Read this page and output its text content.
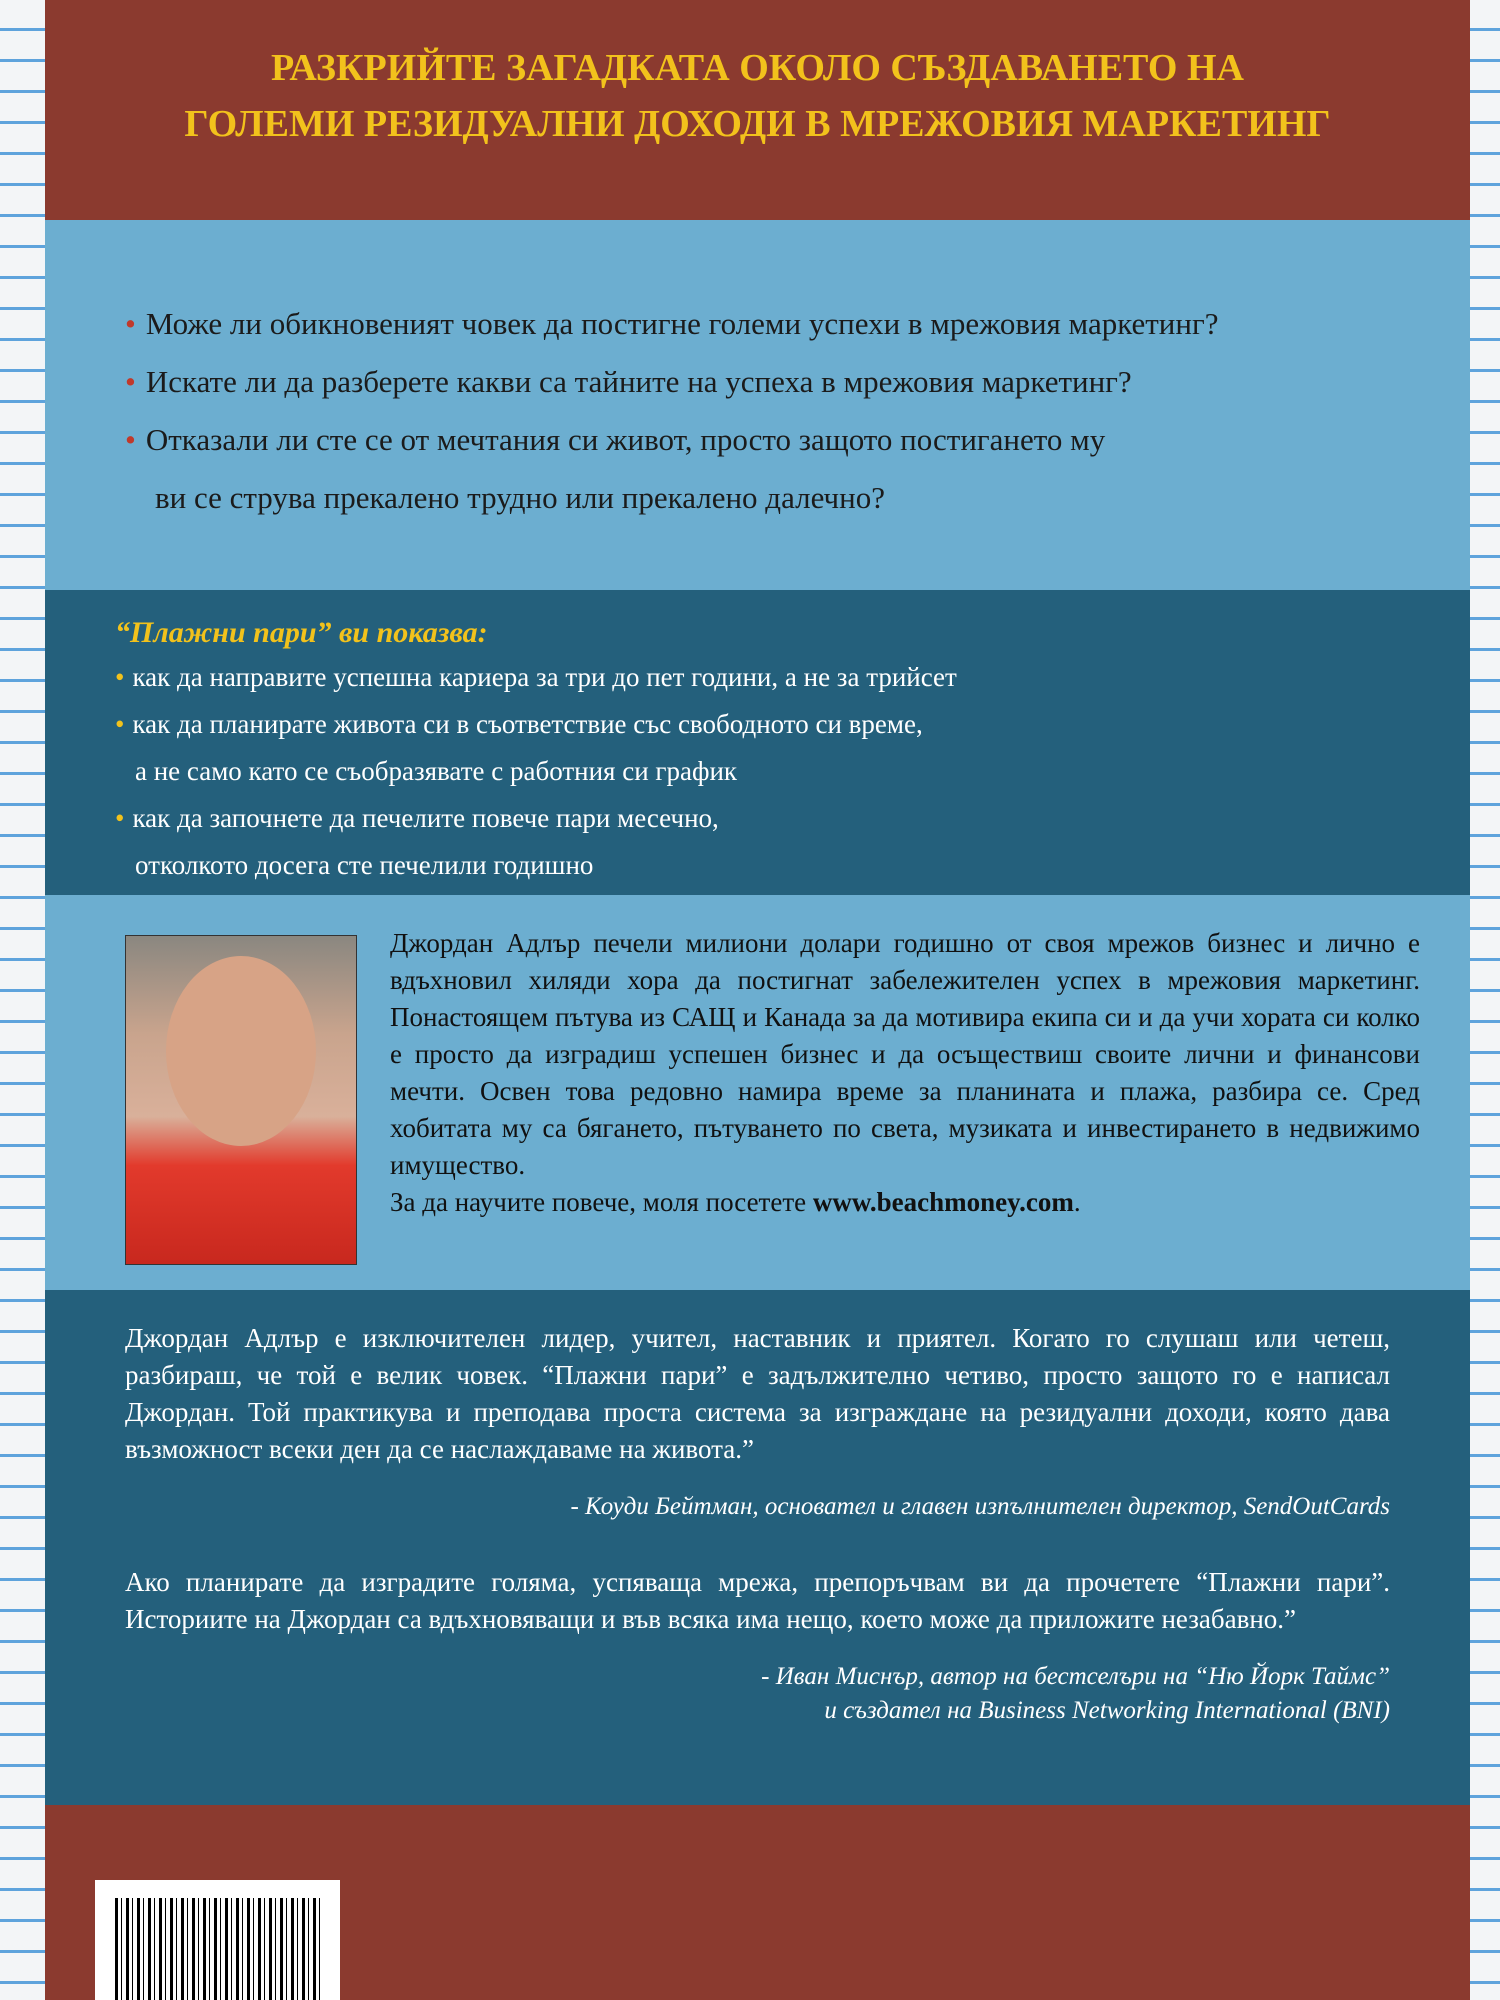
РАЗКРИЙТЕ ЗАГАДКАТА ОКОЛО СЪЗДАВАНЕТО НА
ГОЛЕМИ РЕЗИДУАЛНИ ДОХОДИ В МРЕЖОВИЯ МАРКЕТИНГ

• Може ли обикновеният човек да постигне големи успехи в мрежовия маркетинг?

• Искате ли да разберете какви са тайните на успеха в мрежовия маркетинг?

• Отказали ли сте се от мечтания си живот, просто защото постигането му

ви се струва прекалено трудно или прекалено далечно?

“Плажни пари” ви показва:

• как да направите успешна кариера за три до пет години, а не за трийсет

• как да планирате живота си в съответствие със свободното си време,

а не само като се съобразявате с работния си график

• как да започнете да печелите повече пари месечно,

отколкото досега сте печелили годишно

Джордан Адлър печели милиони долари годишно от своя мрежов бизнес и лично е вдъхновил хиляди хора да постигнат забележителен успех в мрежовия маркетинг. Понастоящем пътува из САЩ и Канада за да мотивира екипа си и да учи хората си колко е просто да изградиш успешен бизнес и да осъществиш своите лични и финансови мечти. Освен това редовно намира време за планината и плажа, разбира се. Сред хобитата му са бягането, пътуването по света, музиката и инвестирането в недвижимо имущество.
За да научите повече, моля посетете www.beachmoney.com.

Джордан Адлър е изключителен лидер, учител, наставник и приятел. Когато го слушаш или четеш, разбираш, че той е велик човек. “Плажни пари” е задължително четиво, просто защото го е написал Джордан. Той практикува и преподава проста система за изграждане на резидуални доходи, която дава възможност всеки ден да се наслаждаваме на живота.”

- Коуди Бейтман, основател и главен изпълнителен директор, SendOutCards

Ако планирате да изградите голяма, успяваща мрежа, препоръчвам ви да прочетете “Плажни пари”. Историите на Джордан са вдъхновяващи и във всяка има нещо, което може да приложите незабавно.”

- Иван Миснър, автор на бестселъри на “Ню Йорк Таймс”
и създател на Business Networking International (BNI)
